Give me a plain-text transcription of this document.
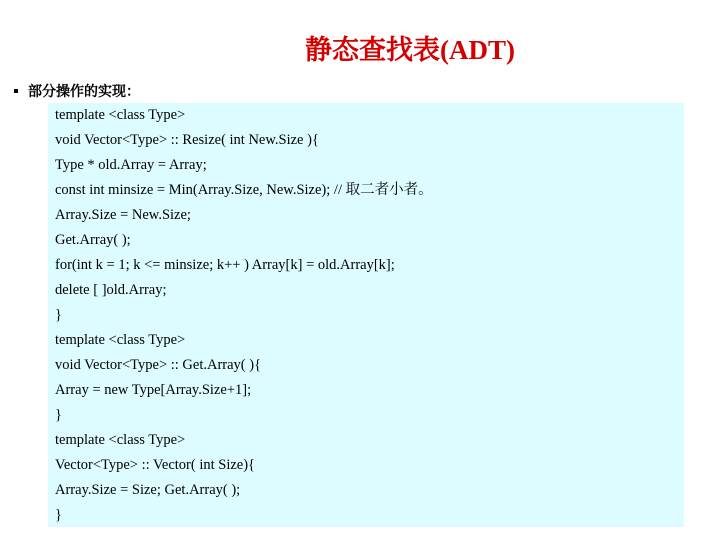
静态查找表(ADT)
部分操作的实现：
template <class Type>
void Vector<Type> :: Resize( int New.Size ){
Type * old.Array = Array;
const int minsize = Min(Array.Size, New.Size); // 取二者小者。
Array.Size = New.Size;
Get.Array( );
for(int k = 1; k <= minsize; k++ ) Array[k] = old.Array[k];
delete [ ]old.Array;
}
template <class Type>
void Vector<Type> :: Get.Array( ){
Array = new Type[Array.Size+1];
}
template <class Type>
Vector<Type> :: Vector( int Size){
Array.Size = Size; Get.Array( );
}
